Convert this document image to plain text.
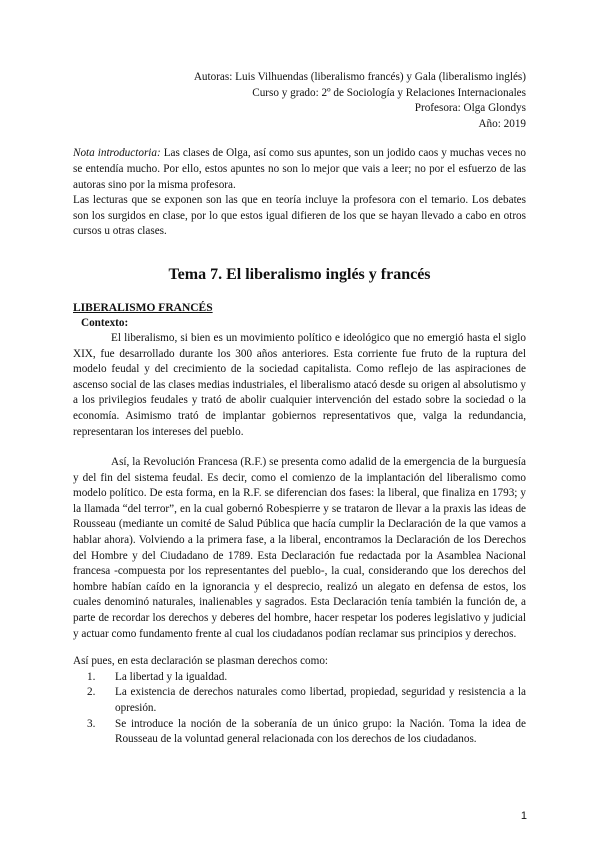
Autoras: Luis Vilhuendas (liberalismo francés) y Gala (liberalismo inglés)
Curso y grado: 2º de Sociología y Relaciones Internacionales
Profesora: Olga Glondys
Año: 2019

Nota introductoria: Las clases de Olga, así como sus apuntes, son un jodido caos y muchas veces no se entendía mucho. Por ello, estos apuntes no son lo mejor que vais a leer; no por el esfuerzo de las autoras sino por la misma profesora.

Las lecturas que se exponen son las que en teoría incluye la profesora con el temario. Los debates son los surgidos en clase, por lo que estos igual difieren de los que se hayan llevado a cabo en otros cursos u otras clases.

Tema 7. El liberalismo inglés y francés
LIBERALISMO FRANCÉS
Contexto:

El liberalismo, si bien es un movimiento político e ideológico que no emergió hasta el siglo XIX, fue desarrollado durante los 300 años anteriores. Esta corriente fue fruto de la ruptura del modelo feudal y del crecimiento de la sociedad capitalista. Como reflejo de las aspiraciones de ascenso social de las clases medias industriales, el liberalismo atacó desde su origen al absolutismo y a los privilegios feudales y trató de abolir cualquier intervención del estado sobre la sociedad o la economía. Asimismo trató de implantar gobiernos representativos que, valga la redundancia, representaran los intereses del pueblo.

Así, la Revolución Francesa (R.F.) se presenta como adalid de la emergencia de la burguesía y del fin del sistema feudal. Es decir, como el comienzo de la implantación del liberalismo como modelo político. De esta forma, en la R.F. se diferencian dos fases: la liberal, que finaliza en 1793; y la llamada “del terror”, en la cual gobernó Robespierre y se trataron de llevar a la praxis las ideas de Rousseau (mediante un comité de Salud Pública que hacía cumplir la Declaración de la que vamos a hablar ahora). Volviendo a la primera fase, a la liberal, encontramos la Declaración de los Derechos del Hombre y del Ciudadano de 1789. Esta Declaración fue redactada por la Asamblea Nacional francesa -compuesta por los representantes del pueblo-, la cual, considerando que los derechos del hombre habían caído en la ignorancia y el desprecio, realizó un alegato en defensa de estos, los cuales denominó naturales, inalienables y sagrados. Esta Declaración tenía también la función de, a parte de recordar los derechos y deberes del hombre, hacer respetar los poderes legislativo y judicial y actuar como fundamento frente al cual los ciudadanos podían reclamar sus principios y derechos.

Así pues, en esta declaración se plasman derechos como:

1.	La libertad y la igualdad.
2.	La existencia de derechos naturales como libertad, propiedad, seguridad y resistencia a la opresión.
3.	Se introduce la noción de la soberanía de un único grupo: la Nación. Toma la idea de Rousseau de la voluntad general relacionada con los derechos de los ciudadanos.
1
